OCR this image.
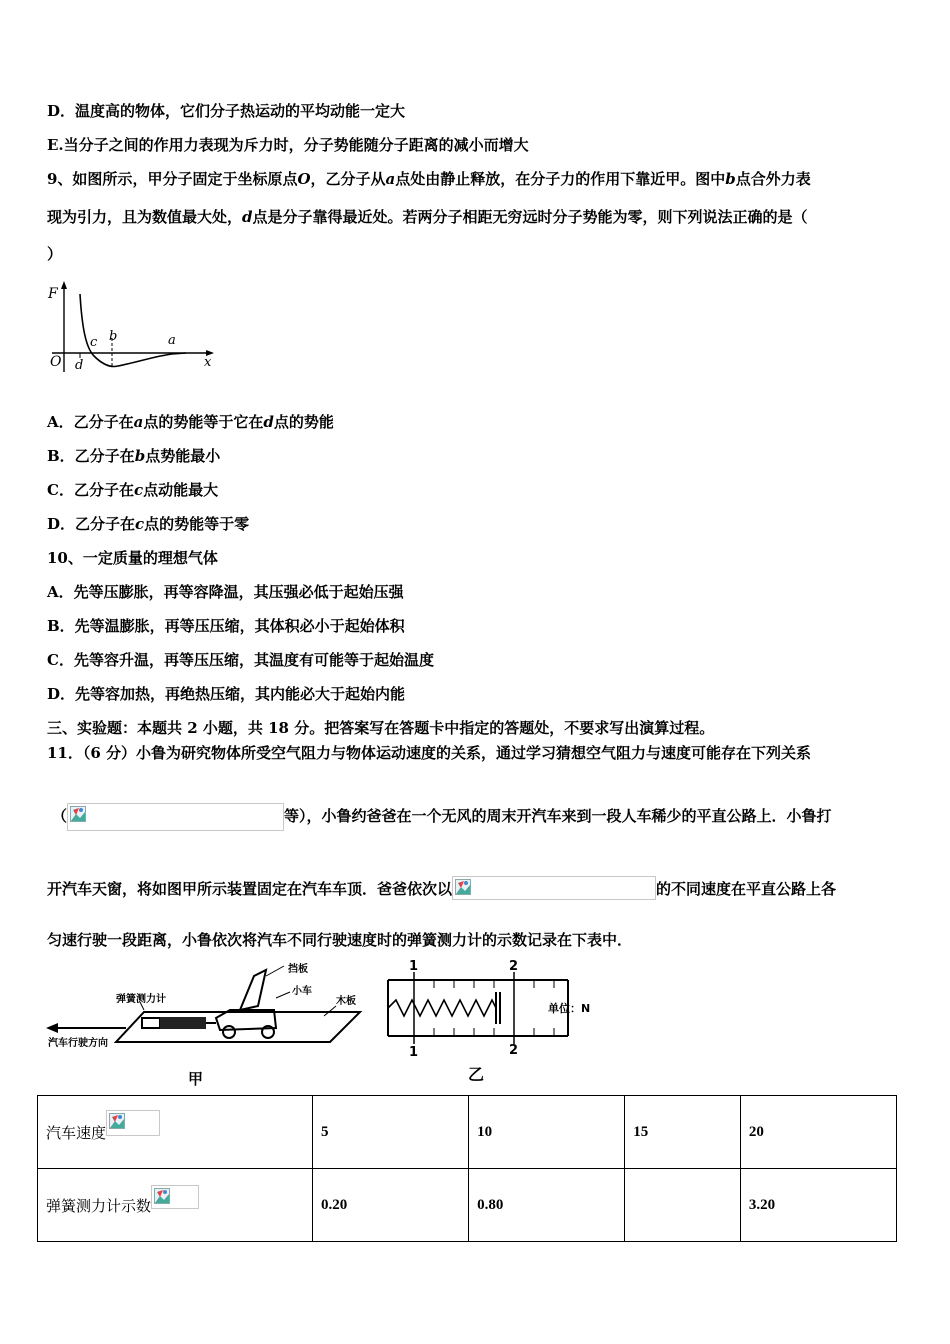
D．温度高的物体，它们分子热运动的平均动能一定大
E.当分子之间的作用力表现为斥力时，分子势能随分子距离的减小而增大
9、如图所示，甲分子固定于坐标原点O，乙分子从a点处由静止释放，在分子力的作用下靠近甲。图中b点合外力表
现为引力，且为数值最大处，d点是分子靠得最近处。若两分子相距无穷远时分子势能为零，则下列说法正确的是（
）
F
O
c b	a
d	x
A．乙分子在a点的势能等于它在d点的势能
B．乙分子在b点势能最小
C．乙分子在c点动能最大
D．乙分子在c点的势能等于零
10、一定质量的理想气体
A．先等压膨胀，再等容降温，其压强必低于起始压强
B．先等温膨胀，再等压压缩，其体积必小于起始体积
C．先等容升温，再等压压缩，其温度有可能等于起始温度
D．先等容加热，再绝热压缩，其内能必大于起始内能
三、实验题：本题共 2 小题，共 18 分。把答案写在答题卡中指定的答题处，不要求写出演算过程。
11．（6 分）小鲁为研究物体所受空气阻力与物体运动速度的关系，通过学习猜想空气阻力与速度可能存在下列关系
（	等），小鲁约爸爸在一个无风的周末开汽车来到一段人车稀少的平直公路上．小鲁打
开汽车天窗，将如图甲所示装置固定在汽车车顶．爸爸依次以	的不同速度在平直公路上各
匀速行驶一段距离，小鲁依次将汽车不同行驶速度时的弹簧测力计的示数记录在下表中．
挡板
弹簧测力计
小车
木板
汽车行驶方向
甲
1	2
1	2
单位：N
乙
汽车速度	5	10	15	20
弹簧测力计示数	0.20	0.80		3.20
